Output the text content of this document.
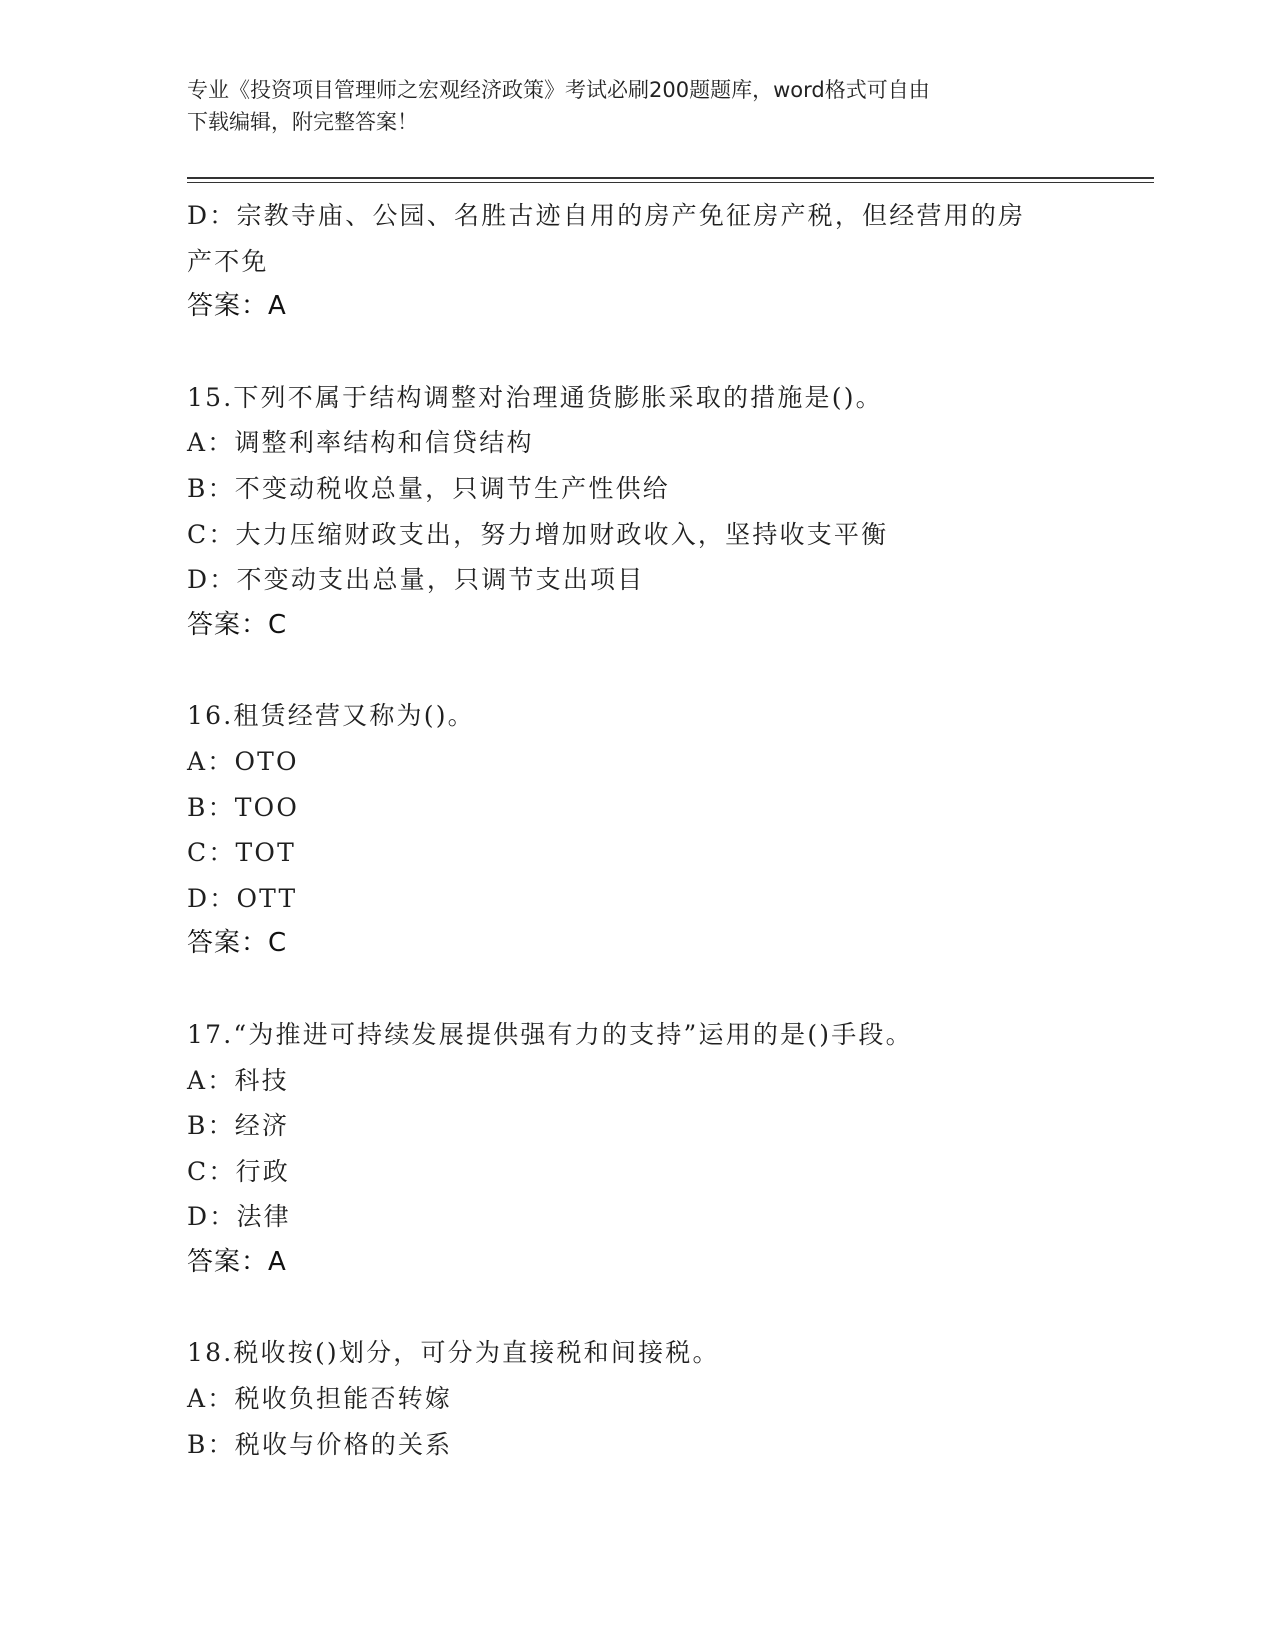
专业《投资项目管理师之宏观经济政策》考试必刷200题题库，word格式可自由
下载编辑，附完整答案！
D：宗教寺庙、公园、名胜古迹自用的房产免征房产税，但经营用的房
产不免
答案：A
15.下列不属于结构调整对治理通货膨胀采取的措施是()。
A：调整利率结构和信贷结构
B：不变动税收总量，只调节生产性供给
C：大力压缩财政支出，努力增加财政收入，坚持收支平衡
D：不变动支出总量，只调节支出项目
答案：C
16.租赁经营又称为()。
A：OTO
B：TOO
C：TOT
D：OTT
答案：C
17.“为推进可持续发展提供强有力的支持”运用的是()手段。
A：科技
B：经济
C：行政
D：法律
答案：A
18.税收按()划分，可分为直接税和间接税。
A：税收负担能否转嫁
B：税收与价格的关系
